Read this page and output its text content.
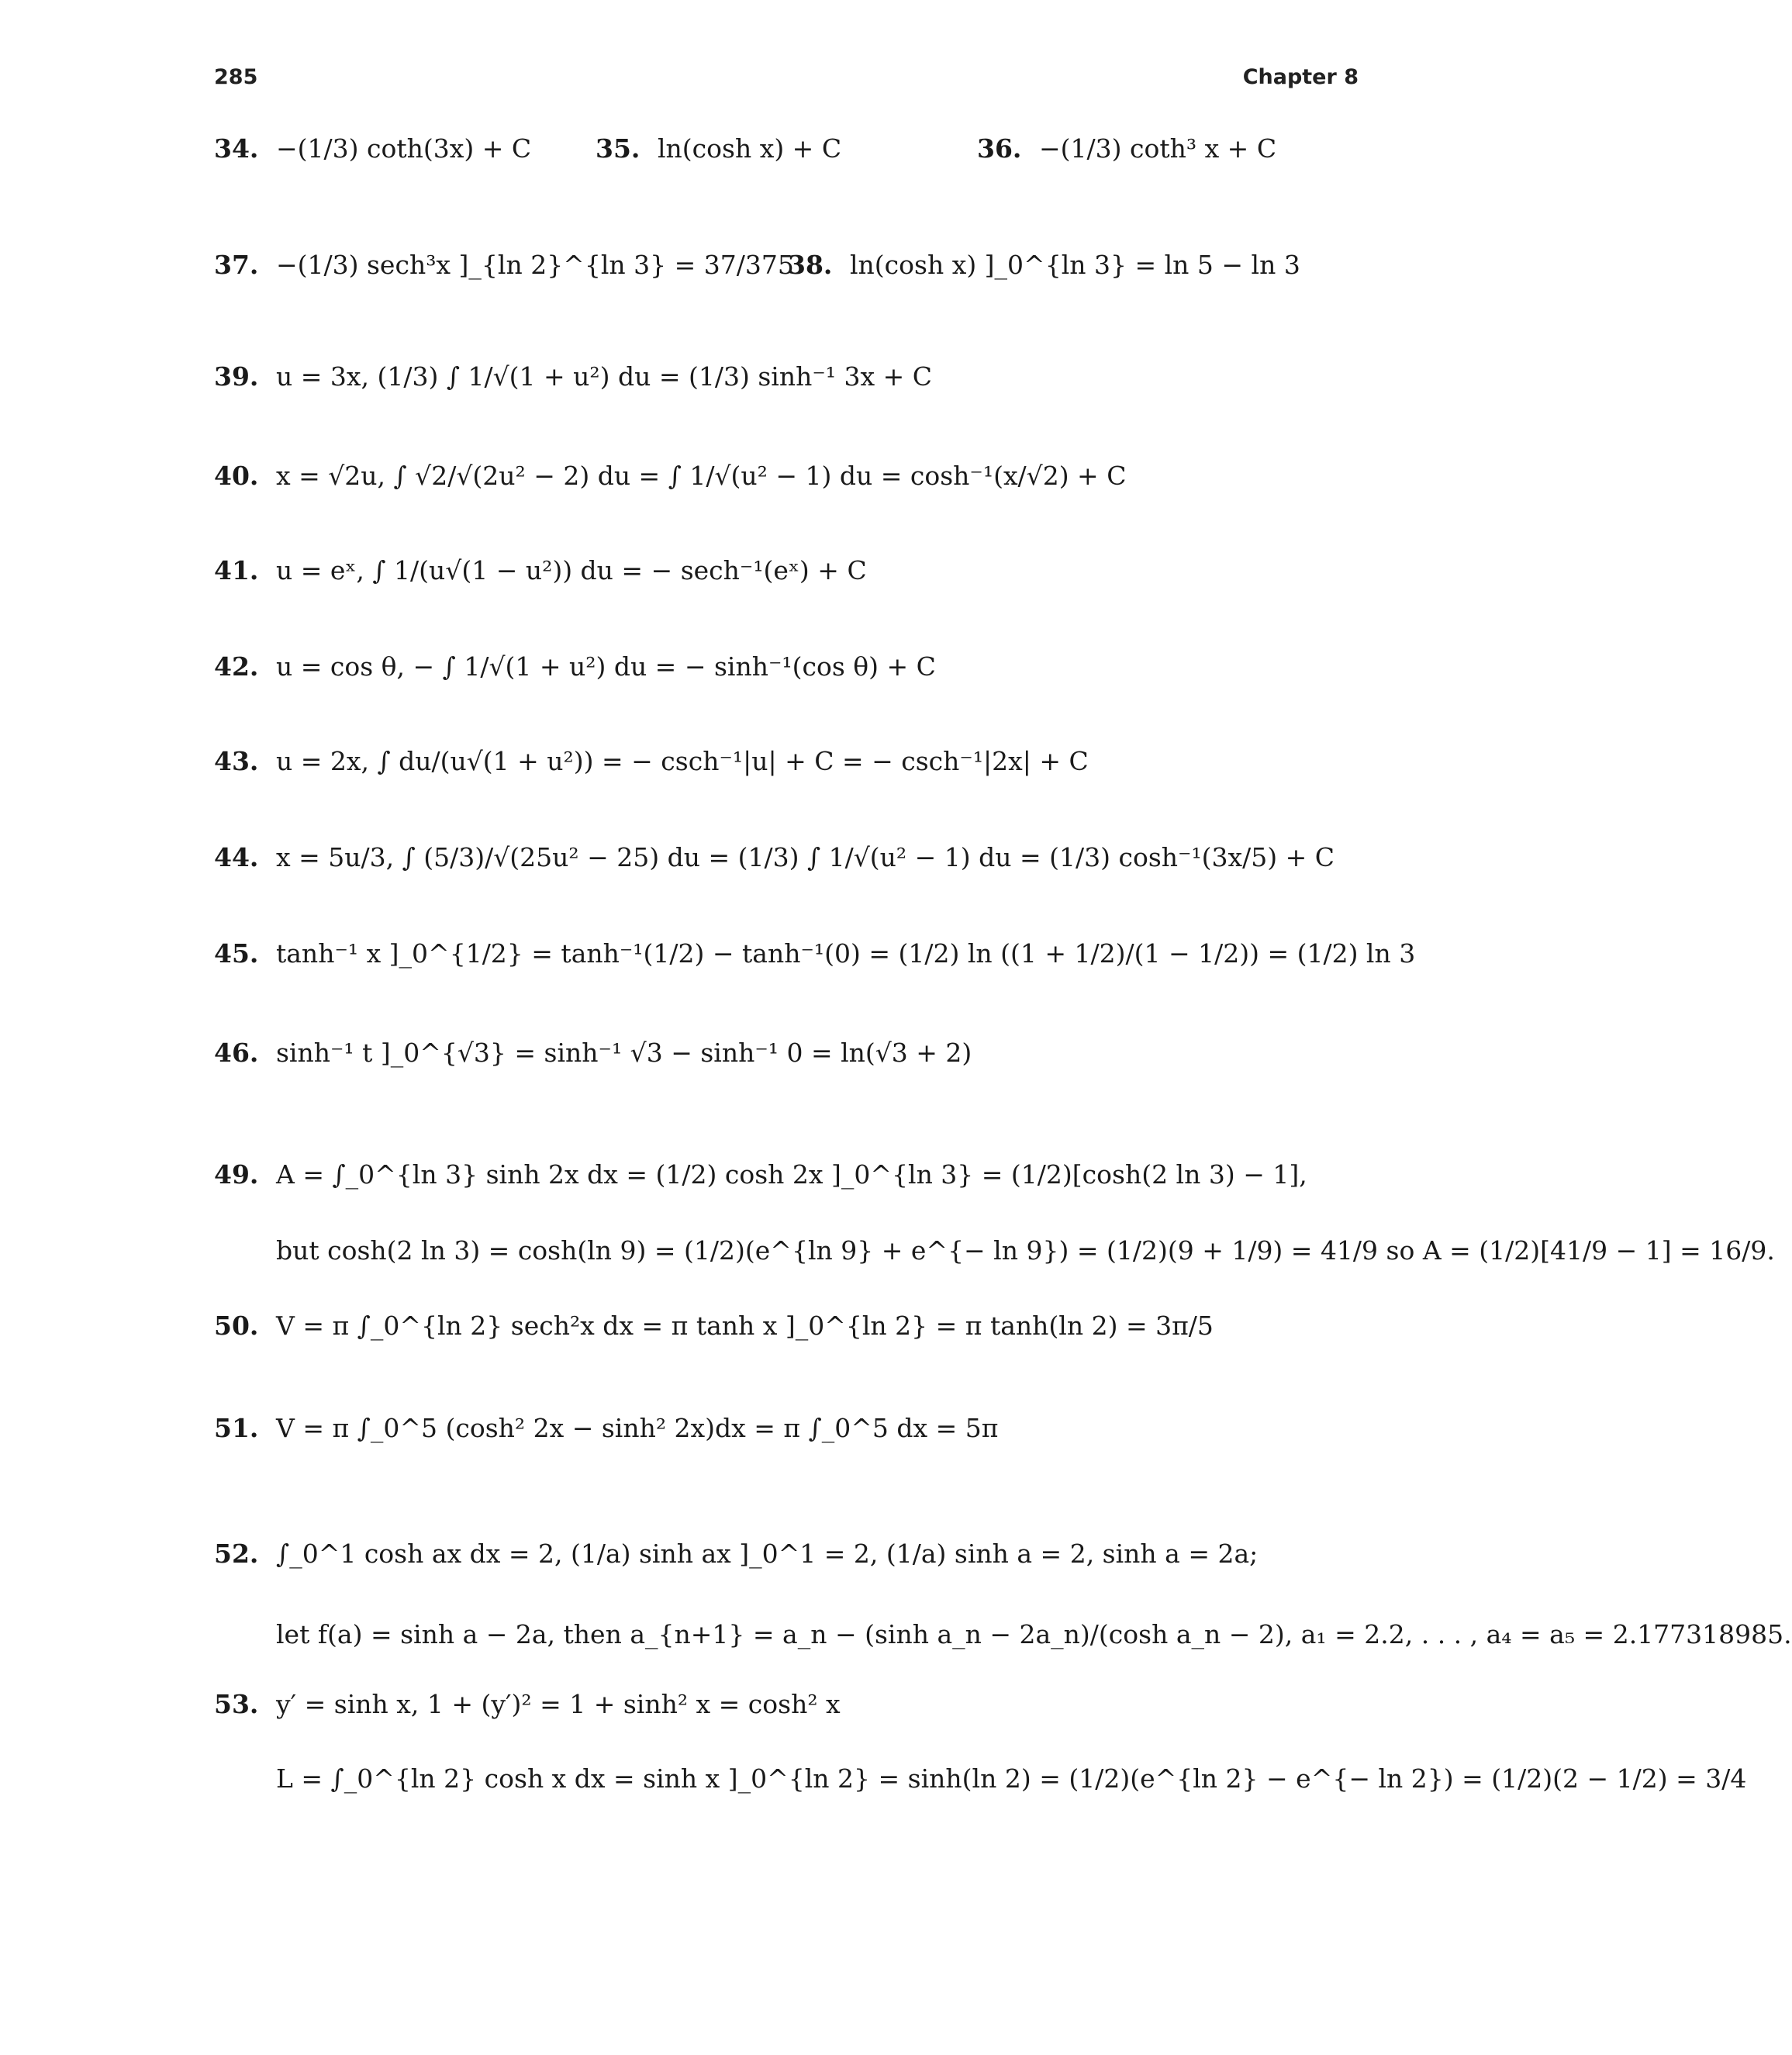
285	Chapter 8
34. −(1/3) coth(3x) + C	35. ln(cosh x) + C	36. −(1/3) coth³ x + C
37. −(1/3) sech³x ]_{ln 2}^{ln 3} = 37/375
38. ln(cosh x) ]_0^{ln 3} = ln 5 − ln 3
39. u = 3x, (1/3) ∫ 1/√(1 + u²) du = (1/3) sinh⁻¹ 3x + C
40. x = √2u, ∫ √2/√(2u² − 2) du = ∫ 1/√(u² − 1) du = cosh⁻¹(x/√2) + C
41. u = eˣ, ∫ 1/(u√(1 − u²)) du = − sech⁻¹(eˣ) + C
42. u = cos θ, − ∫ 1/√(1 + u²) du = − sinh⁻¹(cos θ) + C
43. u = 2x, ∫ du/(u√(1 + u²)) = − csch⁻¹|u| + C = − csch⁻¹|2x| + C
44. x = 5u/3, ∫ (5/3)/√(25u² − 25) du = (1/3) ∫ 1/√(u² − 1) du = (1/3) cosh⁻¹(3x/5) + C
45. tanh⁻¹ x ]_0^{1/2} = tanh⁻¹(1/2) − tanh⁻¹(0) = (1/2) ln ((1 + 1/2)/(1 − 1/2)) = (1/2) ln 3
46. sinh⁻¹ t ]_0^{√3} = sinh⁻¹ √3 − sinh⁻¹ 0 = ln(√3 + 2)
49. A = ∫_0^{ln 3} sinh 2x dx = (1/2) cosh 2x ]_0^{ln 3} = (1/2)[cosh(2 ln 3) − 1],
but cosh(2 ln 3) = cosh(ln 9) = (1/2)(e^{ln 9} + e^{− ln 9}) = (1/2)(9 + 1/9) = 41/9 so A = (1/2)[41/9 − 1] = 16/9.
50. V = π ∫_0^{ln 2} sech²x dx = π tanh x ]_0^{ln 2} = π tanh(ln 2) = 3π/5
51. V = π ∫_0^5 (cosh² 2x − sinh² 2x)dx = π ∫_0^5 dx = 5π
52. ∫_0^1 cosh ax dx = 2, (1/a) sinh ax ]_0^1 = 2, (1/a) sinh a = 2, sinh a = 2a;
let f(a) = sinh a − 2a, then a_{n+1} = a_n − (sinh a_n − 2a_n)/(cosh a_n − 2), a₁ = 2.2, . . . , a₄ = a₅ = 2.177318985.
53. y′ = sinh x, 1 + (y′)² = 1 + sinh² x = cosh² x
L = ∫_0^{ln 2} cosh x dx = sinh x ]_0^{ln 2} = sinh(ln 2) = (1/2)(e^{ln 2} − e^{− ln 2}) = (1/2)(2 − 1/2) = 3/4
